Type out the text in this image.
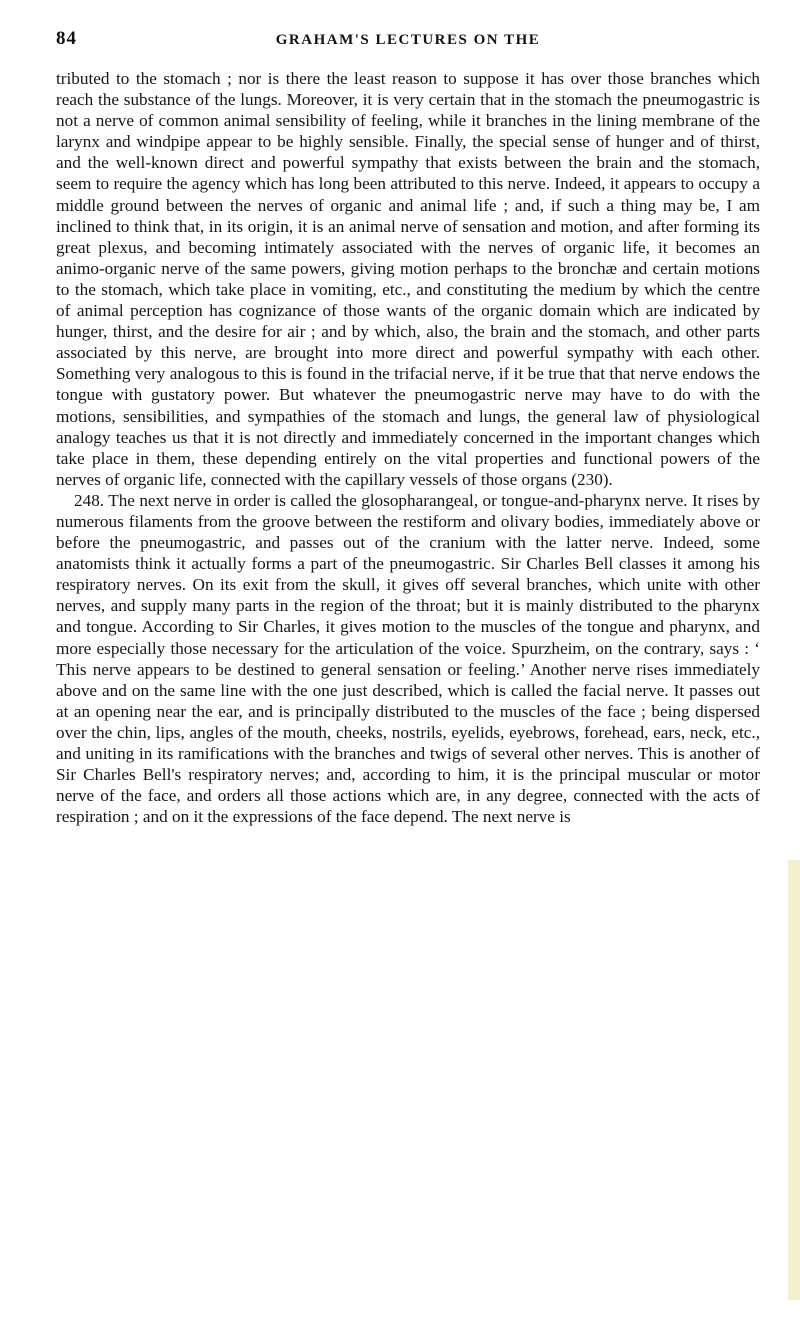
84	GRAHAM'S LECTURES ON THE

tributed to the stomach ; nor is there the least reason to suppose it has over those branches which reach the substance of the lungs. Moreover, it is very certain that in the stomach the pneumogastric is not a nerve of common animal sensibility of feeling, while it branches in the lining membrane of the larynx and windpipe appear to be highly sensible. Finally, the special sense of hunger and of thirst, and the well-known direct and powerful sympathy that exists between the brain and the stomach, seem to require the agency which has long been attributed to this nerve. Indeed, it appears to occupy a middle ground between the nerves of organic and animal life ; and, if such a thing may be, I am inclined to think that, in its origin, it is an animal nerve of sensation and motion, and after forming its great plexus, and becoming intimately associated with the nerves of organic life, it becomes an animo-organic nerve of the same powers, giving motion perhaps to the bronchæ and certain motions to the stomach, which take place in vomiting, etc., and constituting the medium by which the centre of animal perception has cognizance of those wants of the organic domain which are indicated by hunger, thirst, and the desire for air ; and by which, also, the brain and the stomach, and other parts associated by this nerve, are brought into more direct and powerful sympathy with each other. Something very analogous to this is found in the trifacial nerve, if it be true that that nerve endows the tongue with gustatory power. But whatever the pneumogastric nerve may have to do with the motions, sensibilities, and sympathies of the stomach and lungs, the general law of physiological analogy teaches us that it is not directly and immediately concerned in the important changes which take place in them, these depending entirely on the vital properties and functional powers of the nerves of organic life, connected with the capillary vessels of those organs (230).

248. The next nerve in order is called the glosopharangeal, or tongue-and-pharynx nerve. It rises by numerous filaments from the groove between the restiform and olivary bodies, immediately above or before the pneumogastric, and passes out of the cranium with the latter nerve. Indeed, some anatomists think it actually forms a part of the pneumogastric. Sir Charles Bell classes it among his respiratory nerves. On its exit from the skull, it gives off several branches, which unite with other nerves, and supply many parts in the region of the throat; but it is mainly distributed to the pharynx and tongue. According to Sir Charles, it gives motion to the muscles of the tongue and pharynx, and more especially those necessary for the articulation of the voice. Spurzheim, on the contrary, says : ‘ This nerve appears to be destined to general sensation or feeling.’ Another nerve rises immediately above and on the same line with the one just described, which is called the facial nerve. It passes out at an opening near the ear, and is principally distributed to the muscles of the face ; being dispersed over the chin, lips, angles of the mouth, cheeks, nostrils, eyelids, eyebrows, forehead, ears, neck, etc., and uniting in its ramifications with the branches and twigs of several other nerves. This is another of Sir Charles Bell's respiratory nerves; and, according to him, it is the principal muscular or motor nerve of the face, and orders all those actions which are, in any degree, connected with the acts of respiration ; and on it the expressions of the face depend. The next nerve is
